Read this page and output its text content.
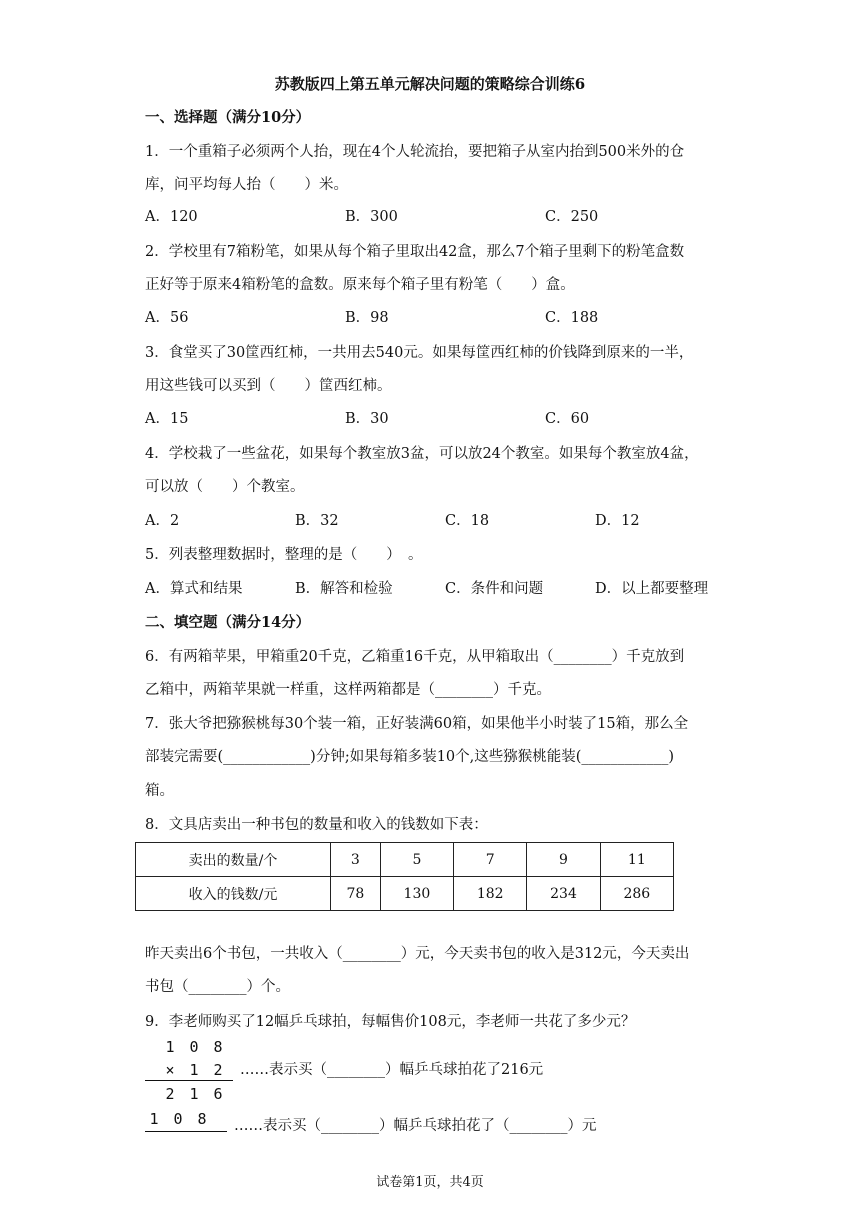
苏教版四上第五单元解决问题的策略综合训练6
一、选择题（满分10分）
1．一个重箱子必须两个人抬，现在4个人轮流抬，要把箱子从室内抬到500米外的仓
库，问平均每人抬（　　）米。
A．120	B．300	C．250
2．学校里有7箱粉笔，如果从每个箱子里取出42盒，那么7个箱子里剩下的粉笔盒数
正好等于原来4箱粉笔的盒数。原来每个箱子里有粉笔（　　）盒。
A．56	B．98	C．188
3．食堂买了30筐西红柿，一共用去540元。如果每筐西红柿的价钱降到原来的一半，
用这些钱可以买到（　　）筐西红柿。
A．15	B．30	C．60
4．学校栽了一些盆花，如果每个教室放3盆，可以放24个教室。如果每个教室放4盆，
可以放（　　）个教室。
A．2	B．32	C．18	D．12
5．列表整理数据时，整理的是（　　）　。
A．算式和结果	B．解答和检验	C．条件和问题	D．以上都要整理
二、填空题（满分14分）
6．有两箱苹果，甲箱重20千克，乙箱重16千克，从甲箱取出（________）千克放到
乙箱中，两箱苹果就一样重，这样两箱都是（________）千克。
7．张大爷把猕猴桃每30个装一箱，正好装满60箱，如果他半小时装了15箱，那么全
部装完需要(____________)分钟;如果每箱多装10个,这些猕猴桃能装(____________)
箱。
8．文具店卖出一种书包的数量和收入的钱数如下表：
卖出的数量/个	3	5	7	9	11
收入的钱数/元	78	130	182	234	286
昨天卖出6个书包，一共收入（________）元，今天卖书包的收入是312元，今天卖出
书包（________）个。
9．李老师购买了12幅乒乓球拍，每幅售价108元，李老师一共花了多少元？
1 0 8
× 1 2
2 1 6
1 0 8
……表示买（________）幅乒乓球拍花了216元
……表示买（________）幅乒乓球拍花了（________）元
试卷第1页，共4页
